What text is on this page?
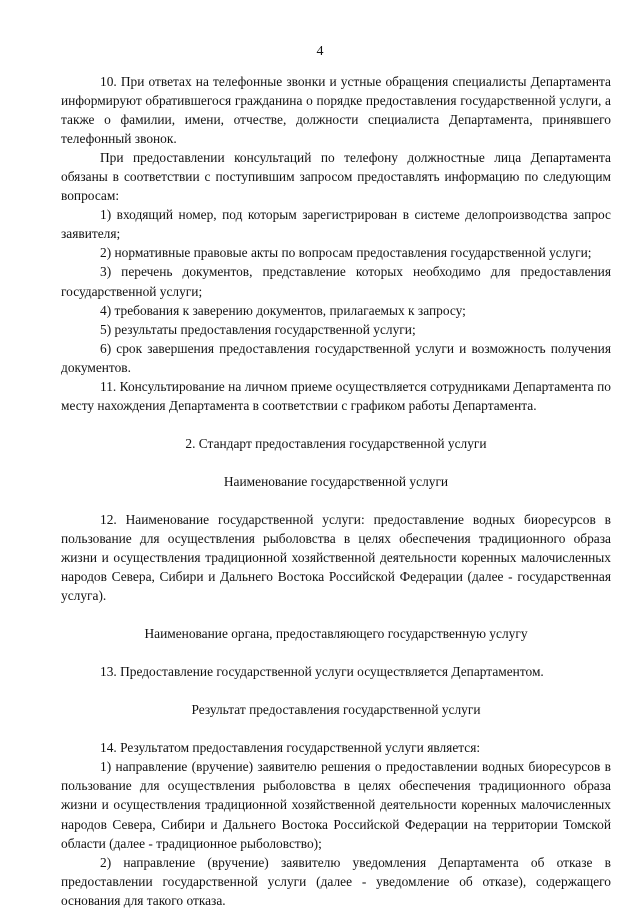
4

10. При ответах на телефонные звонки и устные обращения специалисты Департамента информируют обратившегося гражданина о порядке предоставления государственной услуги, а также о фамилии, имени, отчестве, должности специалиста Департамента, принявшего телефонный звонок.

При предоставлении консультаций по телефону должностные лица Департамента обязаны в соответствии с поступившим запросом предоставлять информацию по следующим вопросам:

1) входящий номер, под которым зарегистрирован в системе делопроизводства запрос заявителя;

2) нормативные правовые акты по вопросам предоставления государственной услуги;

3) перечень документов, представление которых необходимо для предоставления государственной услуги;

4) требования к заверению документов, прилагаемых к запросу;

5) результаты предоставления государственной услуги;

6) срок завершения предоставления государственной услуги и возможность получения документов.

11. Консультирование на личном приеме осуществляется сотрудниками Департамента по месту нахождения Департамента в соответствии с графиком работы Департамента.

2. Стандарт предоставления государственной услуги
Наименование государственной услуги

12. Наименование государственной услуги: предоставление водных биоресурсов в пользование для осуществления рыболовства в целях обеспечения традиционного образа жизни и осуществления традиционной хозяйственной деятельности коренных малочисленных народов Севера, Сибири и Дальнего Востока Российской Федерации (далее - государственная услуга).

Наименование органа, предоставляющего государственную услугу

13. Предоставление государственной услуги осуществляется Департаментом.

Результат предоставления государственной услуги

14. Результатом предоставления государственной услуги является:

1) направление (вручение) заявителю решения о предоставлении водных биоресурсов в пользование для осуществления рыболовства в целях обеспечения традиционного образа жизни и осуществления традиционной хозяйственной деятельности коренных малочисленных народов Севера, Сибири и Дальнего Востока Российской Федерации на территории Томской области (далее - традиционное рыболовство);

2) направление (вручение) заявителю уведомления Департамента об отказе в предоставлении государственной услуги (далее - уведомление об отказе), содержащего основания для такого отказа.
